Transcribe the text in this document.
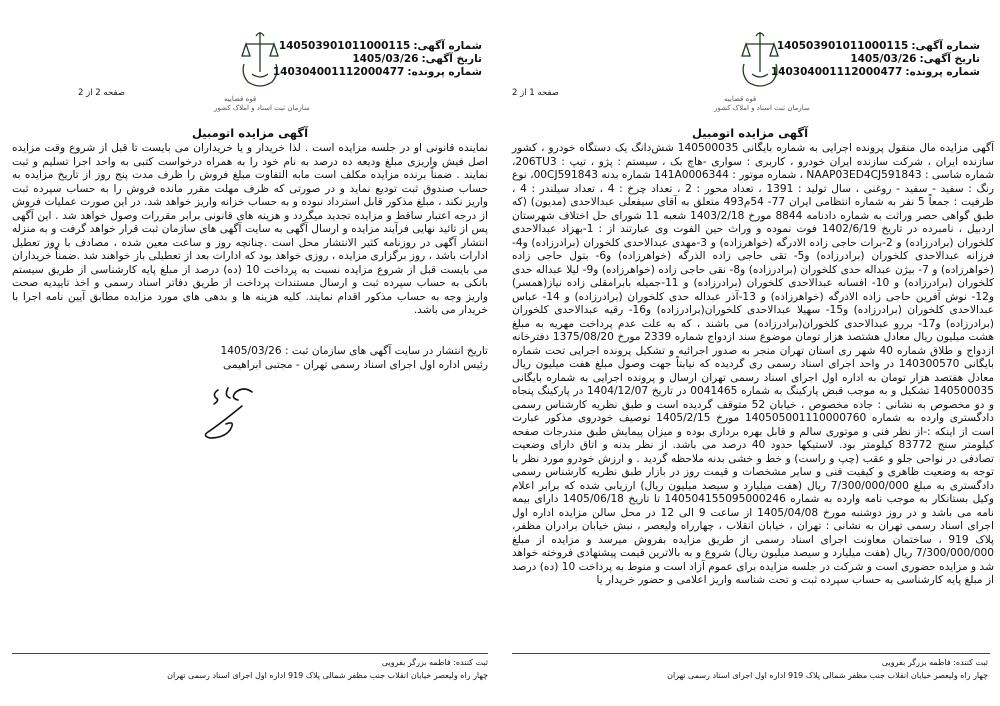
قوه قضاییه
سازمان ثبت اسناد و املاک کشور
شماره آگهی:140503901011000115
تاریخ آگهی:1405/03/26
شماره پرونده:140304001112000477
صفحه 1 از 2
آگهی مزایده اتومبیل

آگهی مزایده مال منقول پرونده اجرایی به شماره بایگانی 140500035 شش‌دانگ یک دستگاه خودرو ، کشور سازنده ایران ، شرکت سازنده ایران خودرو ، کاربری : سواری -هاچ بک ، سیستم : پژو ، تیپ : 206TU3، شماره شاسی : NAAP03ED4CJ591843 ، شماره موتور : 141A0006344 شماره بدنه 00CJ591843، نوع رنگ : سفید - سفید - روغنی ، سال تولید : 1391 ، تعداد محور : 2 ، تعداد چرخ : 4 ، تعداد سیلندر : 4 ، ظرفیت : جمعاً 5 نفر به شماره انتظامی ایران 77- 54م493 متعلق به آقای سیفعلی عبدالاحدی (مدیون) (که طبق گواهی حصر وراثت به شماره دادنامه 8844 مورخ 1403/2/18 شعبه 11 شورای حل اختلاف شهرستان اردبیل ، نامبرده در تاریخ 1402/6/19 فوت نموده و وراث حین الفوت وی عبارتند از : 1-بهزاد عبدالاحدی کلخوران (برادرزاده) و 2-برات حاجی زاده الادرگه (خواهرزاده) و 3-مهدی عبدالاحدی کلخوران (برادرزاده) و4- فرزانه عبدالاحدی کلخوران (برادرزاده) و5- تقی حاجی زاده الذرگه (خواهرزاده) و6- بتول حاجی زاده (خواهرزاده) و 7- بیژن عبداله حدی کلخوران (برادرزاده) و8- نقی حاجی زاده (خواهرزاده) و9- لیلا عبداله حدی کلخوران (برادرزاده) و 10- افسانه عبدالاحدی کلخوران (برادرزاده) و 11-جمیله بابرامقلی زاده نیاز(همسر) و12- نوش آفرین حاجی زاده الادرگه (خواهرزاده) و 13-آذر عبداله حدی کلخوران (برادرزاده) و 14- عباس عبدالاحدی کلخوران (برادرزاده) و15- سهیلا عبدالاحدی کلخوران(برادرزاده) و16- رقیه عبدالاحدی کلخوران (برادرزاده) و17- بررو عبدالاحدی کلخوران(برادرزاده) می باشند ، که به علت عدم پرداخت مهریه به مبلغ هشت میلیون ریال معادل هشتصد هزار تومان موضوع سند ازدواج شماره 2339 مورخ 1375/08/20 دفترخانه ازدواج و طلاق شماره 40 شهر ری استان تهران منجر به صدور اجرائیه و تشکیل پرونده اجرایی تحت شماره بایگانی 140300570 در واحد اجرای اسناد رسمی ری گردیده که نیابتاً جهت وصول مبلغ هفت میلیون ریال معادل هفتصد هزار تومان به اداره اول اجرای اسناد رسمی تهران ارسال و پرونده اجرایی به شماره بایگانی 140500035 تشکیل و به موجب قبض پارکینگ به شماره 0041465 در تاریخ 1404/12/07 در پارکینگ پنجاه و دو مخصوص به نشانی : جاده مخصوص ، خیابان 52 متوقف گردیده است و طبق نظریه کارشناس رسمی دادگستری وارده به شماره 140505001110000760 مورخ 1405/2/15 توصیف خودروی مذکور عبارت است از اینکه :-از نظر فنی و موتوری سالم و قابل بهره برداری بوده و میزان پیمایش طبق مندرجات صفحه کیلومتر سنج 83772 کیلومتر بود. لاستیکها حدود 40 درصد می باشد. از نظر بدنه و اتاق دارای وضعیت تصادفی در نواحی جلو و عقب (چپ و راست) و خط و خشی بدنه ملاحظه گردید . و ارزش خودرو مورد نظر با توجه به وضعیت ظاهری و کیفیت فنی و سایر مشخصات و قیمت روز در بازار طبق نظریه کارشناس رسمی دادگستری به مبلغ 7/300/000/000 ریال (هفت میلیارد و سیصد میلیون ریال) ارزیابی شده که برابر اعلام وکیل بستانکار به موجب نامه وارده به شماره 140504155095000246 تا تاریخ 1405/06/18 دارای بیمه نامه می باشد و در روز دوشنبه مورخ 1405/04/08 از ساعت 9 الی 12 در محل سالن مزایده اداره اول اجرای اسناد رسمی تهران به نشانی : تهران ، خیابان انقلاب ، چهارراه ولیعصر ، نبش خیابان برادران مظفر، پلاک 919 ، ساختمان معاونت اجرای اسناد رسمی از طریق مزایده بفروش میرسد و مزایده از مبلغ 7/300/000/000 ریال (هفت میلیارد و سیصد میلیون ریال) شروع و به بالاترین قیمت پیشنهادی فروخته خواهد شد و مزایده حضوری است و شرکت در جلسه مزایده برای عموم آزاد است و منوط به پرداخت 10 (ده) درصد از مبلغ پایه کارشناسی به حساب سپرده ثبت و تحت شناسه واریز اعلامی و حضور خریدار یا

ثبت کننده: فاطمه بزرگر بفرویی
چهار راه ولیعصر خیابان انقلاب جنب مظفر شمالی پلاک 919 اداره اول اجرای اسناد رسمی تهران
قوه قضاییه
سازمان ثبت اسناد و املاک کشور
شماره آگهی:140503901011000115
تاریخ آگهی:1405/03/26
شماره پرونده:140304001112000477
صفحه 2 از 2
آگهی مزایده اتومبیل

نماینده قانونی او در جلسه مزایده است . لذا خریدار و یا خریداران می بایست تا قبل از شروع وقت مزایده اصل فیش واریزی مبلغ ودیعه ده درصد به نام خود را به همراه درخواست کتبی به واحد اجرا تسلیم و ثبت نمایند . ضمناً برنده مزایده مکلف است مابه التفاوت مبلغ فروش را ظرف مدت پنج روز از تاریخ مزایده به حساب صندوق ثبت تودیع نماید و در صورتی که ظرف مهلت مقرر مانده فروش را به حساب سپرده ثبت واریز نکند ، مبلغ مذکور قابل استرداد نبوده و به حساب خزانه واریز خواهد شد. در این صورت عملیات فروش از درجه اعتبار ساقط و مزایده تجدید میگردد و هزینه های قانونی برابر مقررات وصول خواهد شد . این آگهی پس از تائید نهایی فرآیند مزایده و ارسال آگهی به سایت آگهی های سازمان ثبت قرار خواهد گرفت و به منزله انتشار آگهی در روزنامه کثیر الانتشار محل است .چنانچه روز و ساعت معین شده ، مصادف با روز تعطیل ادارات باشد ، روز برگزاری مزایده ، روزی خواهد بود که ادارات بعد از تعطیلی باز خواهند شد .ضمناً خریداران می بایست قبل از شروع مزایده نسبت به پرداخت 10 (ده) درصد از مبلغ پایه کارشناسی از طریق سیستم بانکی به حساب سپرده ثبت و ارسال مستندات پرداخت از طریق دفاتر اسناد رسمی و اخذ تاییدیه صحت واریز وجه به حساب مذکور اقدام نمایند. کلیه هزینه ها و بدهی های مورد مزایده مطابق آیین نامه اجرا با خریدار می باشد.

تاریخ انتشار در سایت آگهی های سازمان ثبت : 1405/03/26
رئیس اداره اول اجرای اسناد رسمی تهران - مجتبی ابراهیمی
ثبت کننده: فاطمه بزرگر بفرویی
چهار راه ولیعصر خیابان انقلاب جنب مظفر شمالی پلاک 919 اداره اول اجرای اسناد رسمی تهران
